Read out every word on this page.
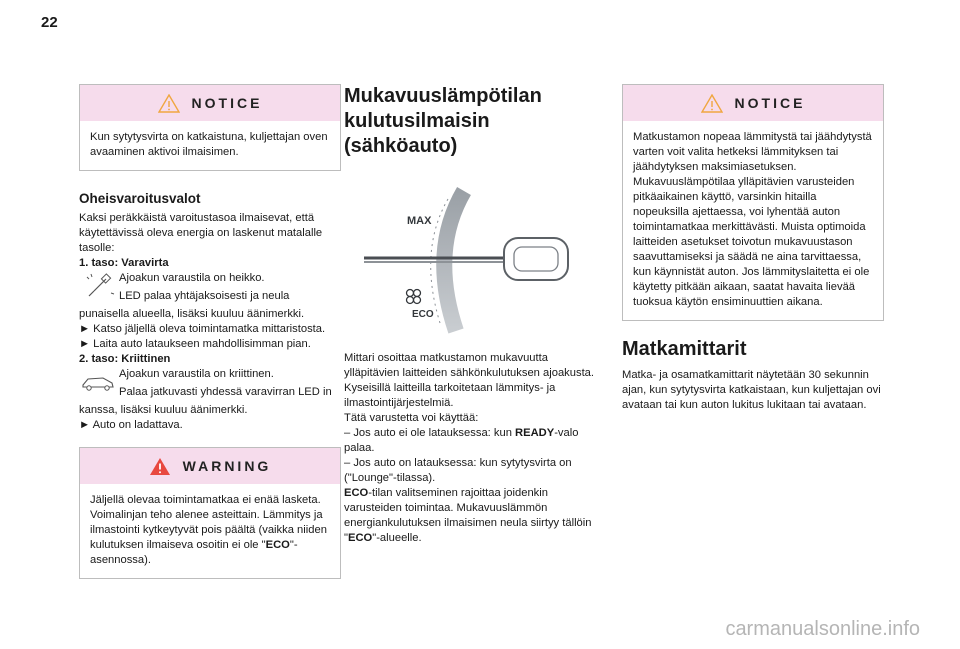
22
NOTICE
Kun sytytysvirta on katkaistuna, kuljettajan oven avaaminen aktivoi ilmaisimen.
Oheisvaroitusvalot

Kaksi peräkkäistä varoitustasoa ilmaisevat, että käytettävissä oleva energia on laskenut matalalle tasolle:

1. taso: Varavirta

Ajoakun varaustila on heikko.
LED palaa yhtäjaksoisesti ja neula punaisella alueella, lisäksi kuuluu äänimerkki.

► Katso jäljellä oleva toimintamatka mittaristosta.

► Laita auto lataukseen mahdollisimman pian.

2. taso: Kriittinen

Ajoakun varaustila on kriittinen.
Palaa jatkuvasti yhdessä varavirran LED in kanssa, lisäksi kuuluu äänimerkki.

► Auto on ladattava.

WARNING
Jäljellä olevaa toimintamatkaa ei enää lasketa. Voimalinjan teho alenee asteittain. Lämmitys ja ilmastointi kytkeytyvät pois päältä (vaikka niiden kulutuksen ilmaiseva osoitin ei ole "ECO"-asennossa).
Mukavuuslämpötilan
kulutusilmaisin (sähköauto)
MAX
ECO

Mittari osoittaa matkustamon mukavuutta ylläpitävien laitteiden sähkönkulutuksen ajoakusta.

Kyseisillä laitteilla tarkoitetaan lämmitys- ja ilmastointijärjestelmiä.

Tätä varustetta voi käyttää:

– Jos auto ei ole latauksessa: kun READY-valo palaa.

– Jos auto on latauksessa: kun sytytysvirta on ("Lounge"-tilassa).

ECO-tilan valitseminen rajoittaa joidenkin varusteiden toimintaa. Mukavuuslämmön energiankulutuksen ilmaisimen neula siirtyy tällöin "ECO"-alueelle.

NOTICE
Matkustamon nopeaa lämmitystä tai jäähdytystä varten voit valita hetkeksi lämmityksen tai jäähdytyksen maksimiasetuksen. Mukavuuslämpötilaa ylläpitävien varusteiden pitkäaikainen käyttö, varsinkin hitailla nopeuksilla ajettaessa, voi lyhentää auton toimintamatkaa merkittävästi. Muista optimoida laitteiden asetukset toivotun mukavuustason saavuttamiseksi ja säädä ne aina tarvittaessa, kun käynnistät auton. Jos lämmityslaitetta ei ole käytetty pitkään aikaan, saatat havaita lievää tuoksua käytön ensiminuuttien aikana.
Matkamittarit

Matka- ja osamatkamittarit näytetään 30 sekunnin ajan, kun sytytysvirta katkaistaan, kun kuljettajan ovi avataan tai kun auton lukitus lukitaan tai avataan.

carmanualsonline.info
